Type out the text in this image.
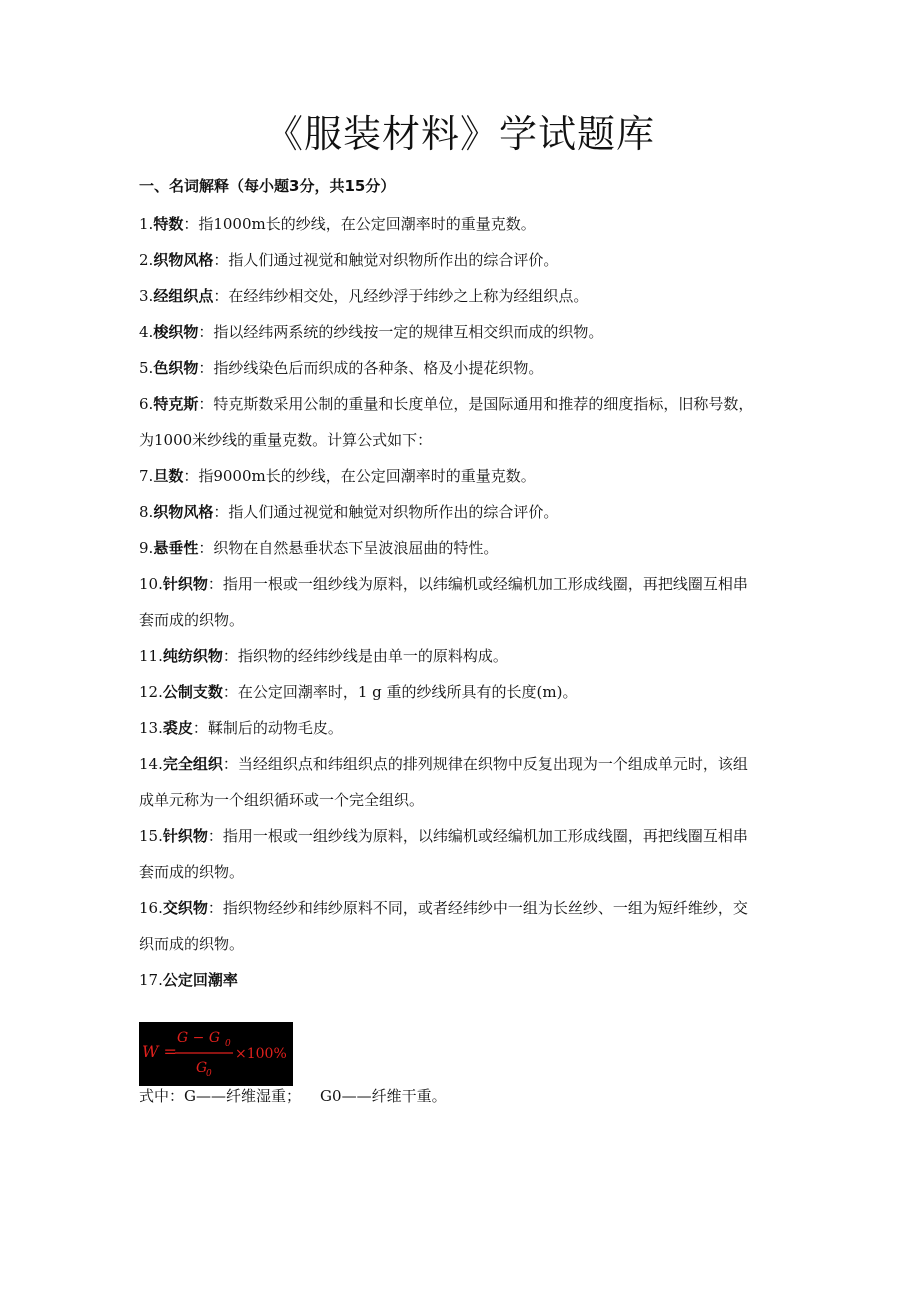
《服装材料》学试题库
一、名词解释（每小题3分，共15分）
1.特数：指1000m长的纱线，在公定回潮率时的重量克数。
2.织物风格：指人们通过视觉和触觉对织物所作出的综合评价。
3.经组织点：在经纬纱相交处，凡经纱浮于纬纱之上称为经组织点。
4.梭织物：指以经纬两系统的纱线按一定的规律互相交织而成的织物。
5.色织物：指纱线染色后而织成的各种条、格及小提花织物。
6.特克斯：特克斯数采用公制的重量和长度单位，是国际通用和推荐的细度指标，旧称号数，为1000米纱线的重量克数。计算公式如下：
7.旦数：指9000m长的纱线，在公定回潮率时的重量克数。
8.织物风格：指人们通过视觉和触觉对织物所作出的综合评价。
9.悬垂性：织物在自然悬垂状态下呈波浪屈曲的特性。
10.针织物：指用一根或一组纱线为原料，以纬编机或经编机加工形成线圈，再把线圈互相串套而成的织物。
11.纯纺织物：指织物的经纬纱线是由单一的原料构成。
12.公制支数：在公定回潮率时，1 g 重的纱线所具有的长度(m)。
13.裘皮：鞣制后的动物毛皮。
14.完全组织：当经组织点和纬组织点的排列规律在织物中反复出现为一个组成单元时，该组成单元称为一个组织循环或一个完全组织。
15.针织物：指用一根或一组纱线为原料，以纬编机或经编机加工形成线圈，再把线圈互相串套而成的织物。
16.交织物：指织物经纱和纬纱原料不同，或者经纬纱中一组为长丝纱、一组为短纤维纱，交织而成的织物。
17.公定回潮率
W =
G − G 0
G
0
×100%
式中：G——纤维湿重；    G0——纤维干重。
